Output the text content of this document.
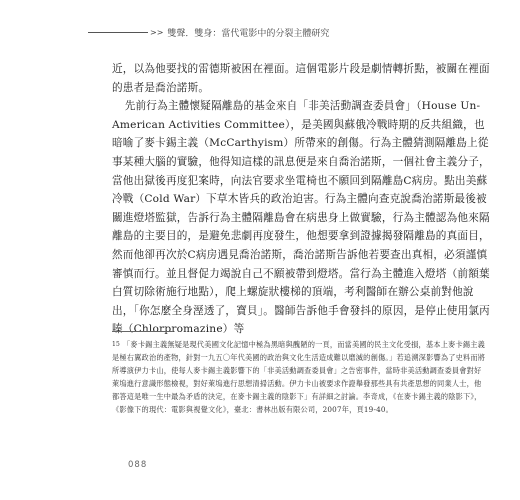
>> 雙聲．雙身：當代電影中的分裂主體研究

近，以為他要找的雷德斯被困在裡面。這個電影片段是劇情轉折點，被關在裡面的患者是喬治諾斯。

先前行為主體懷疑隔離島的基金來自「非美活動調查委員會」（House Un-American Activities Committee），是美國與蘇俄冷戰時期的反共組織，也暗喻了麥卡錫主義（McCarthyism）所帶來的創傷。行為主體猜測隔離島上從事某種大腦的實驗，他得知這樣的訊息便是來自喬治諾斯，一個社會主義分子，當他出獄後再度犯案時，向法官要求坐電椅也不願回到隔離島C病房。點出美蘇冷戰（Cold War）下草木皆兵的政治迫害。行為主體向查克說喬治諾斯最後被關進燈塔監獄，告訴行為主體隔離島會在病患身上做實驗，行為主體認為他來隔離島的主要目的，是避免悲劇再度發生，他想要拿到證據揭發隔離島的真面目，然而他卻再次於C病房遇見喬治諾斯，喬治諾斯告訴他若要查出真相，必須謹慎審慎而行。並且督促力竭說自己不願被帶到燈塔。當行為主體進入燈塔（前額葉白質切除術施行地點），爬上螺旋狀樓梯的頂端，考利醫師在辦公桌前對他說出，「你怎麼全身溼透了，寶貝」。醫師告訴他手會發抖的原因，是停止使用氯丙嗪（Chlorpromazine）等

$^{15}$ 「麥卡錫主義無疑是現代美國文化記憶中極為黑暗與醜陋的一頁，而當美國的民主文化受損，基本上麥卡錫主義是極右翼政治的產物，針對一九五〇年代美國的政治與文化生活造成難以磨滅的創傷。」若追溯深影響為了史料而將所導演伊力卡山，使每人麥卡錫主義影響下的「非美活動調查委員會」之告密事件，當時非美活動調查委員會對好萊塢進行意識形態檢視，對好萊塢進行思想清掃活動。伊力卡山被要求作證舉發那些具有共產思想的同業人士，他都答這是唯一生中最為矛盾的決定，在麥卡錫主義的陰影下」有詳細之討論。李奇成，《在麥卡錫主義的陰影下》，《影像下的現代：電影與視覺文化》，臺北：書林出版有限公司，2007年，頁19-40。
088
